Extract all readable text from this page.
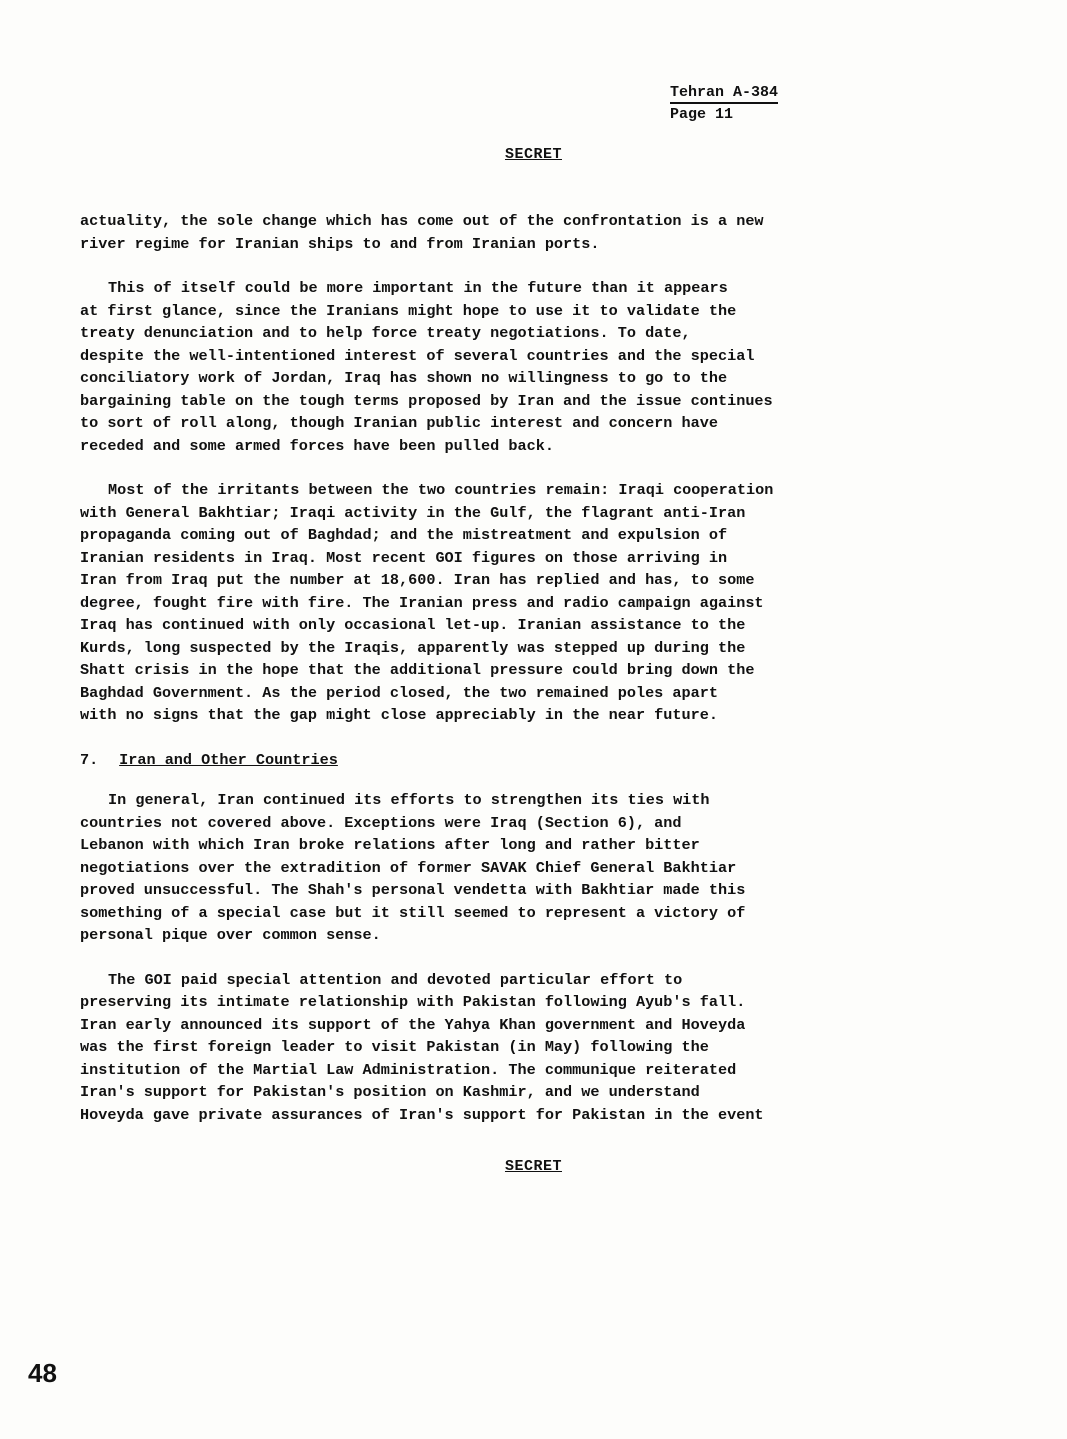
Tehran A-384
Page 11
SECRET

actuality, the sole change which has come out of the confrontation is a new
river regime for Iranian ships to and from Iranian ports.

This of itself could be more important in the future than it appears
at first glance, since the Iranians might hope to use it to validate the
treaty denunciation and to help force treaty negotiations. To date,
despite the well-intentioned interest of several countries and the special
conciliatory work of Jordan, Iraq has shown no willingness to go to the
bargaining table on the tough terms proposed by Iran and the issue continues
to sort of roll along, though Iranian public interest and concern have
receded and some armed forces have been pulled back.

Most of the irritants between the two countries remain: Iraqi cooperation
with General Bakhtiar; Iraqi activity in the Gulf, the flagrant anti-Iran
propaganda coming out of Baghdad; and the mistreatment and expulsion of
Iranian residents in Iraq. Most recent GOI figures on those arriving in
Iran from Iraq put the number at 18,600. Iran has replied and has, to some
degree, fought fire with fire. The Iranian press and radio campaign against
Iraq has continued with only occasional let-up. Iranian assistance to the
Kurds, long suspected by the Iraqis, apparently was stepped up during the
Shatt crisis in the hope that the additional pressure could bring down the
Baghdad Government. As the period closed, the two remained poles apart
with no signs that the gap might close appreciably in the near future.

7. Iran and Other Countries

In general, Iran continued its efforts to strengthen its ties with
countries not covered above. Exceptions were Iraq (Section 6), and
Lebanon with which Iran broke relations after long and rather bitter
negotiations over the extradition of former SAVAK Chief General Bakhtiar
proved unsuccessful. The Shah's personal vendetta with Bakhtiar made this
something of a special case but it still seemed to represent a victory of
personal pique over common sense.

The GOI paid special attention and devoted particular effort to
preserving its intimate relationship with Pakistan following Ayub's fall.
Iran early announced its support of the Yahya Khan government and Hoveyda
was the first foreign leader to visit Pakistan (in May) following the
institution of the Martial Law Administration. The communique reiterated
Iran's support for Pakistan's position on Kashmir, and we understand
Hoveyda gave private assurances of Iran's support for Pakistan in the event

SECRET
48
